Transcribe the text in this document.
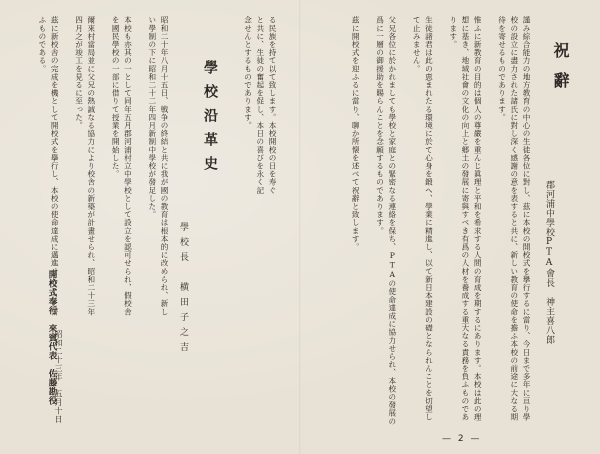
祝辭
郡河浦中學校PTA會長　神主喜八郎
謹み綜合能力の地方教育の中心の生徒各位に對し、茲に本校の開校式を擧行するに當り、今日まで多年に亘り學校の設立に盡力された諸氏に對し深く感謝の意を表すると共に、新しい教育の使命を擔ふ本校の前途に大なる期待を寄せるものであります。

惟ふに新教育の目的は個人の尊嚴を重んじ眞理と平和を希求する人間の育成を期するにあります。本校は此の理想に基き、地域社會の文化の向上と郷土の發展に寄與すべき有爲の人材を養成する重大なる責務を負ふものであります。

生徒諸君は此の恵まれたる環境に於て心身を鍛へ、學業に精進し、以て新日本建設の礎となられんことを切望して止みません。

父兄各位に於かれましても學校と家庭との緊密なる連絡を保ち、PTAの使命達成に協力せられ、本校の發展の爲に一層の御援助を賜らんことを念願するものであります。

茲に開校式を迎ふるに當り、聊か所懐を述べて祝辭と致します。
— 2 —
る民族を持て以て致します。本校開校の日を寿ぐと共に、生徒の奮起を促し、本日の喜びを永く記念せんとするものであります。
學校沿革史
學校長　横田子之吉
昭和二十年八月十五日、戦争の終結と共に我が國の教育は根本的に改められ、新しい學制の下に昭和二十二年四月新制中學校が發足した。

本校も亦其の一として同年五月郡河浦村立中學校として設立を認可せられ、假校舎を國民學校の一部に借りて授業を開始した。

爾來村當局並に父兄の熱誠なる協力により校舎の新築が計畫せられ、昭和二十三年四月之が竣工を見るに至った。

茲に新校舎の完成を機として開校式を擧行し、本校の使命達成に邁進せんことを誓ふものである。
昭和二十三年　五月十日
開校式奉行　來賓代表　佐藤勘役
